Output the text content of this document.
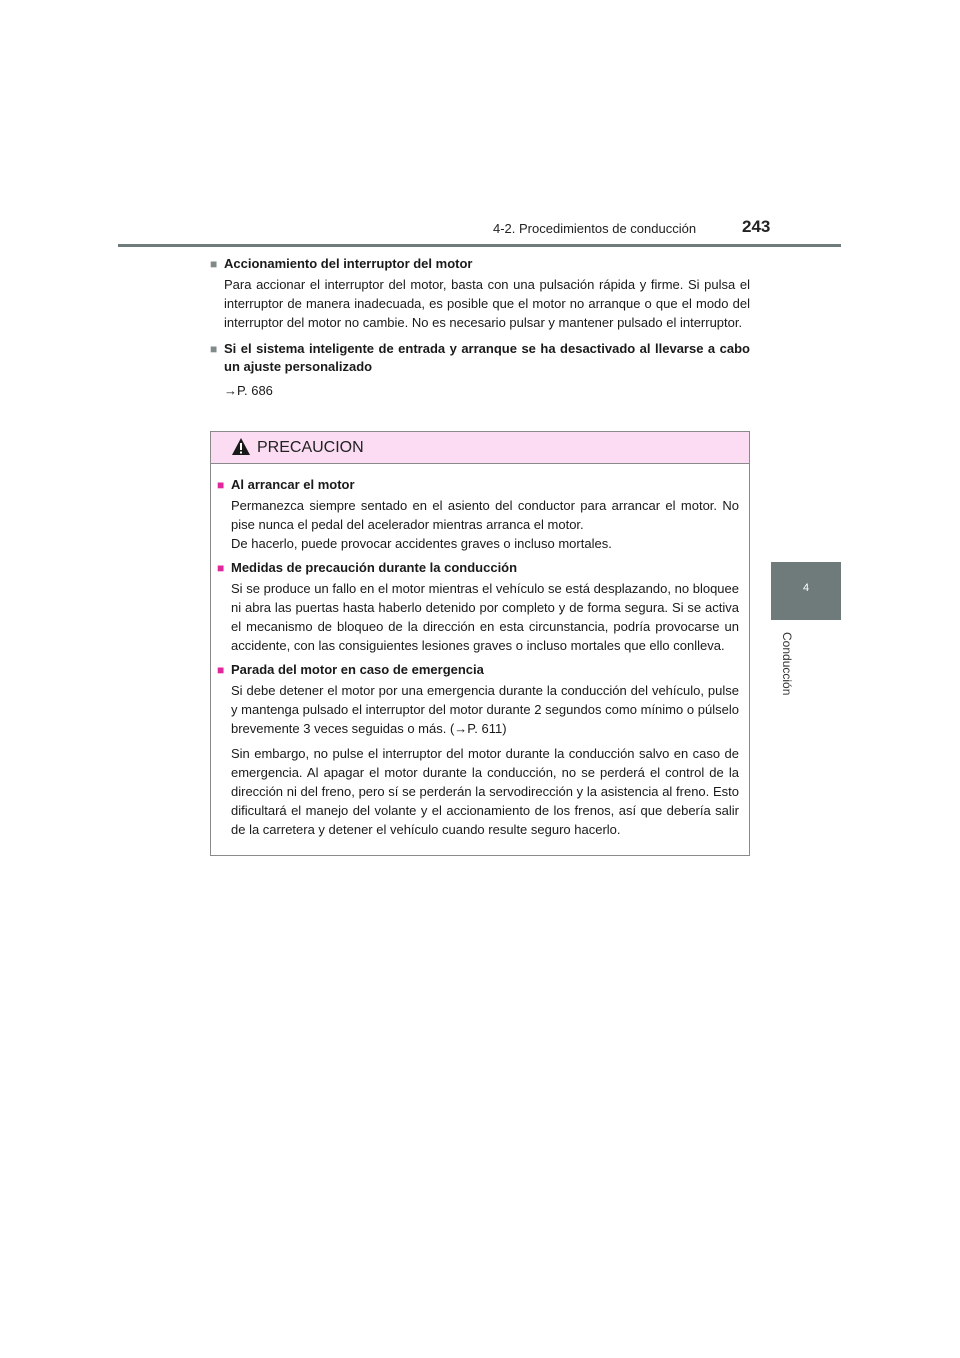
4-2. Procedimientos de conducción	243
4
Conducción

■ Accionamiento del interruptor del motor

Para accionar el interruptor del motor, basta con una pulsación rápida y firme. Si pulsa el interruptor de manera inadecuada, es posible que el motor no arranque o que el modo del interruptor del motor no cambie. No es necesario pulsar y mantener pulsado el interruptor.

■ Si el sistema inteligente de entrada y arranque se ha desactivado al llevarse a cabo un ajuste personalizado

→P. 686
PRECAUCION

■ Al arrancar el motor

Permanezca siempre sentado en el asiento del conductor para arrancar el motor. No pise nunca el pedal del acelerador mientras arranca el motor.
De hacerlo, puede provocar accidentes graves o incluso mortales.

■ Medidas de precaución durante la conducción

Si se produce un fallo en el motor mientras el vehículo se está desplazando, no bloquee ni abra las puertas hasta haberlo detenido por completo y de forma segura. Si se activa el mecanismo de bloqueo de la dirección en esta circunstancia, podría provocarse un accidente, con las consiguientes lesiones graves o incluso mortales que ello conlleva.

■ Parada del motor en caso de emergencia

Si debe detener el motor por una emergencia durante la conducción del vehículo, pulse y mantenga pulsado el interruptor del motor durante 2 segundos como mínimo o púlselo brevemente 3 veces seguidas o más. (→P. 611)
Sin embargo, no pulse el interruptor del motor durante la conducción salvo en caso de emergencia. Al apagar el motor durante la conducción, no se perderá el control de la dirección ni del freno, pero sí se perderán la servodirección y la asistencia al freno. Esto dificultará el manejo del volante y el accionamiento de los frenos, así que debería salir de la carretera y detener el vehículo cuando resulte seguro hacerlo.
